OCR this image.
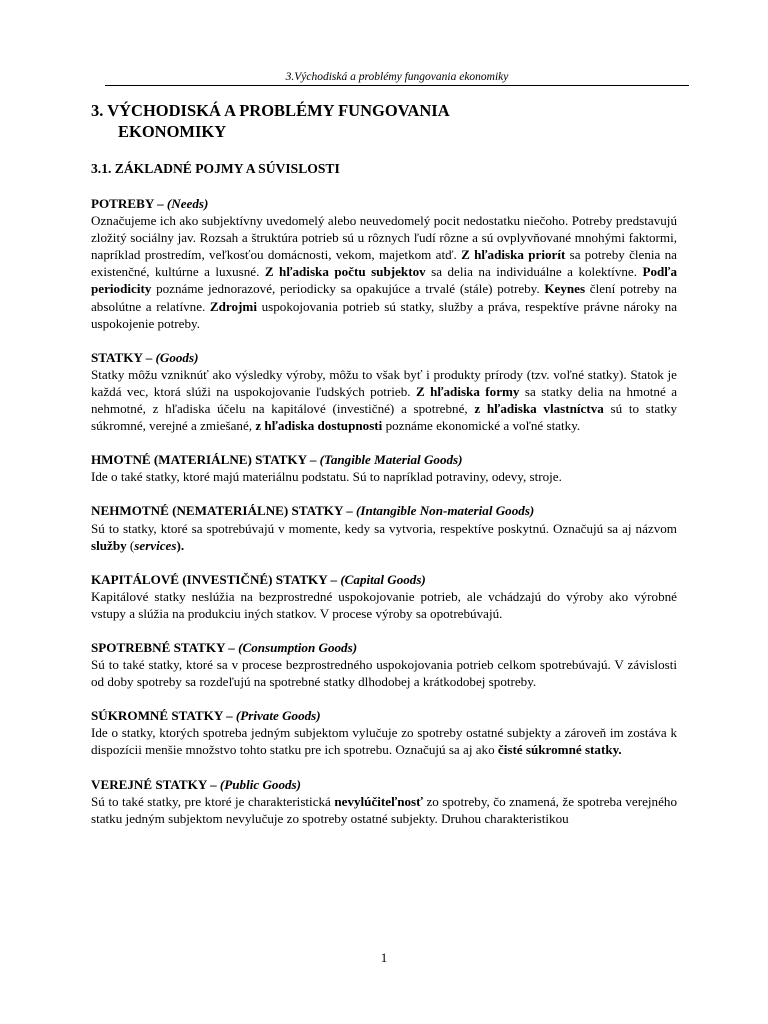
3.Východiská a problémy fungovania ekonomiky
3. VÝCHODISKÁ A PROBLÉMY FUNGOVANIA
EKONOMIKY
3.1. ZÁKLADNÉ POJMY A SÚVISLOSTI

POTREBY – (Needs)

Označujeme ich ako subjektívny uvedomelý alebo neuvedomelý pocit nedostatku niečoho. Potreby predstavujú zložitý sociálny jav. Rozsah a štruktúra potrieb sú u rôznych ľudí rôzne a sú ovplyvňované mnohými faktormi, napríklad prostredím, veľkosťou domácnosti, vekom, majetkom atď. Z hľadiska priorít sa potreby členia na existenčné, kultúrne a luxusné. Z hľadiska počtu subjektov sa delia na individuálne a kolektívne. Podľa periodicity poznáme jednorazové, periodicky sa opakujúce a trvalé (stále) potreby. Keynes člení potreby na absolútne a relatívne. Zdrojmi uspokojovania potrieb sú statky, služby a práva, respektíve právne nároky na uspokojenie potreby.

STATKY – (Goods)

Statky môžu vzniknúť ako výsledky výroby, môžu to však byť i produkty prírody (tzv. voľné statky). Statok je každá vec, ktorá slúži na uspokojovanie ľudských potrieb. Z hľadiska formy sa statky delia na hmotné a nehmotné, z hľadiska účelu na kapitálové (investičné) a spotrebné, z hľadiska vlastníctva sú to statky súkromné, verejné a zmiešané, z hľadiska dostupnosti poznáme ekonomické a voľné statky.

HMOTNÉ (MATERIÁLNE) STATKY – (Tangible Material Goods)

Ide o také statky, ktoré majú materiálnu podstatu. Sú to napríklad potraviny, odevy, stroje.

NEHMOTNÉ (NEMATERIÁLNE) STATKY – (Intangible Non-material Goods)

Sú to statky, ktoré sa spotrebúvajú v momente, kedy sa vytvoria, respektíve poskytnú. Označujú sa aj názvom služby (services).

KAPITÁLOVÉ (INVESTIČNÉ) STATKY – (Capital Goods)

Kapitálové statky neslúžia na bezprostredné uspokojovanie potrieb, ale vchádzajú do výroby ako výrobné vstupy a slúžia na produkciu iných statkov. V procese výroby sa opotrebúvajú.

SPOTREBNÉ STATKY – (Consumption Goods)

Sú to také statky, ktoré sa v procese bezprostredného uspokojovania potrieb celkom spotrebúvajú. V závislosti od doby spotreby sa rozdeľujú na spotrebné statky dlhodobej a krátkodobej spotreby.

SÚKROMNÉ STATKY – (Private Goods)

Ide o statky, ktorých spotreba jedným subjektom vylučuje zo spotreby ostatné subjekty a zároveň im zostáva k dispozícii menšie množstvo tohto statku pre ich spotrebu. Označujú sa aj ako čisté súkromné statky.

VEREJNÉ STATKY – (Public Goods)

Sú to také statky, pre ktoré je charakteristická nevylúčiteľnosť zo spotreby, čo znamená, že spotreba verejného statku jedným subjektom nevylučuje zo spotreby ostatné subjekty. Druhou charakteristikou

1
